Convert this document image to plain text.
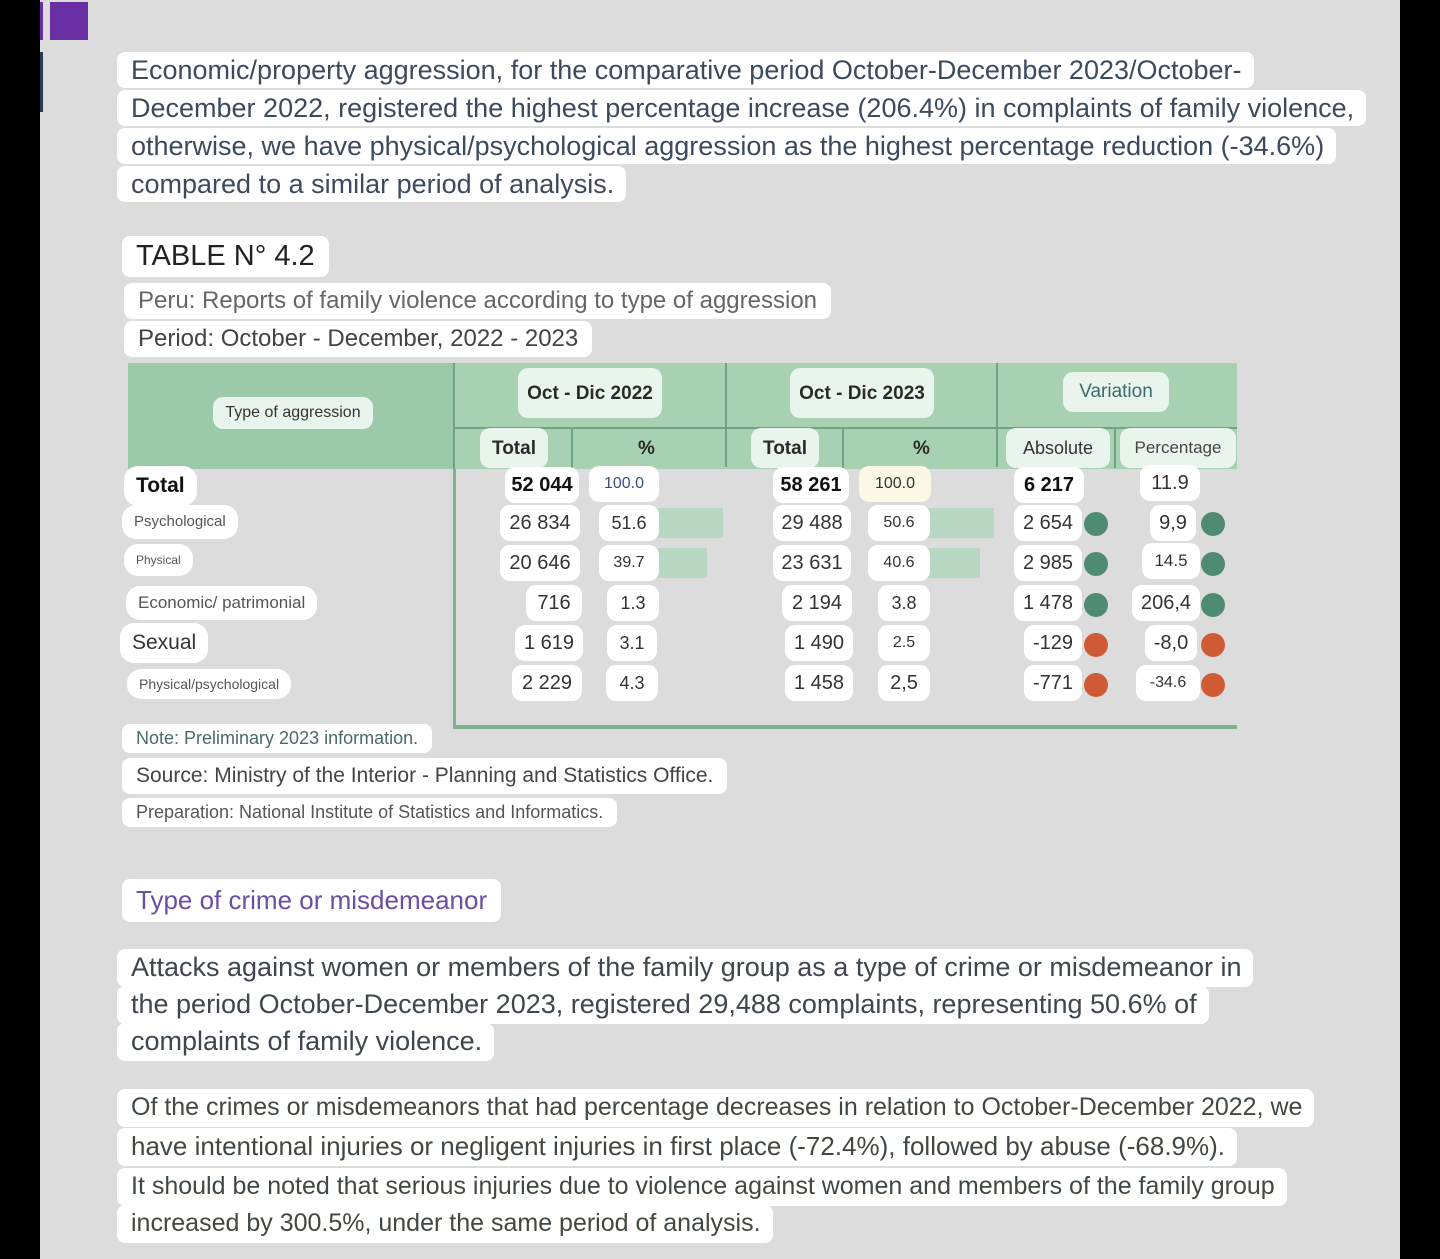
Economic/property aggression, for the comparative period October-December 2023/October-
December 2022, registered the highest percentage increase (206.4%) in complaints of family violence,
otherwise, we have physical/psychological aggression as the highest percentage reduction (-34.6%)
compared to a similar period of analysis.
TABLE N° 4.2
Peru: Reports of family violence according to type of aggression
Period: October - December, 2022 - 2023
Type of aggression
Oct - Dic 2022	Oct - Dic 2023	Variation
Total	%	Total	%	Absolute	Percentage
Total	52 044	100.0	58 261	100.0	6 217	11.9
Psychological	26 834	51.6	29 488	50.6	2 654	9,9
Physical	20 646	39.7	23 631	40.6	2 985	14.5
Economic/ patrimonial	716	1.3	2 194	3.8	1 478	206,4
Sexual	1 619	3.1	1 490	2.5	-129	-8,0
Physical/psychological	2 229	4.3	1 458	2,5	-771	-34.6
Note: Preliminary 2023 information.
Source: Ministry of the Interior - Planning and Statistics Office.
Preparation: National Institute of Statistics and Informatics.
Type of crime or misdemeanor
Attacks against women or members of the family group as a type of crime or misdemeanor in
the period October-December 2023, registered 29,488 complaints, representing 50.6% of
complaints of family violence.
Of the crimes or misdemeanors that had percentage decreases in relation to October-December 2022, we
have intentional injuries or negligent injuries in first place (-72.4%), followed by abuse (-68.9%).
It should be noted that serious injuries due to violence against women and members of the family group
increased by 300.5%, under the same period of analysis.
